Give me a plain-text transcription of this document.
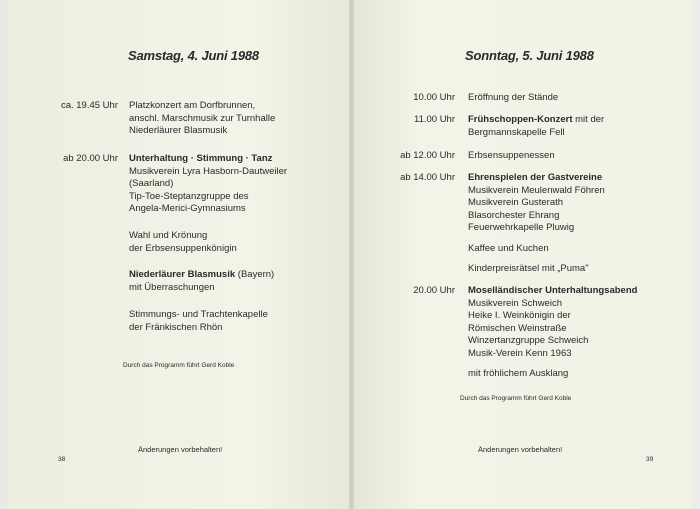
Samstag, 4. Juni 1988
ca. 19.45 Uhr Platzkonzert am Dorfbrunnen,
anschl. Marschmusik zur Turnhalle
Niederläurer Blasmusik
ab 20.00 Uhr Unterhaltung · Stimmung · Tanz
Musikverein Lyra Hasborn-Dautweiler
(Saarland)
Tip-Toe-Steptanzgruppe des
Angela-Merici-Gymnasiums
Wahl und Krönung
der Erbsensuppenkönigin
Niederläurer Blasmusik (Bayern)
mit Überraschungen
Stimmungs- und Trachtenkapelle
der Fränkischen Rhön
Durch das Programm führt Gerd Koble
Änderungen vorbehalten!
38
Sonntag, 5. Juni 1988
10.00 Uhr Eröffnung der Stände
11.00 Uhr Frühschoppen-Konzert mit der
Bergmannskapelle Fell
ab 12.00 Uhr Erbsensuppenessen
ab 14.00 Uhr Ehrenspielen der Gastvereine
Musikverein Meulenwald Föhren
Musikverein Gusterath
Blasorchester Ehrang
Feuerwehrkapelle Pluwig
Kaffee und Kuchen
Kinderpreisrätsel mit „Puma"
20.00 Uhr Moselländischer Unterhaltungsabend
Musikverein Schweich
Heike I. Weinkönigin der
Römischen Weinstraße
Winzertanzgruppe Schweich
Musik-Verein Kenn 1963
mit fröhlichem Ausklang
Durch das Programm führt Gerd Koble
Änderungen vorbehalten!
39
